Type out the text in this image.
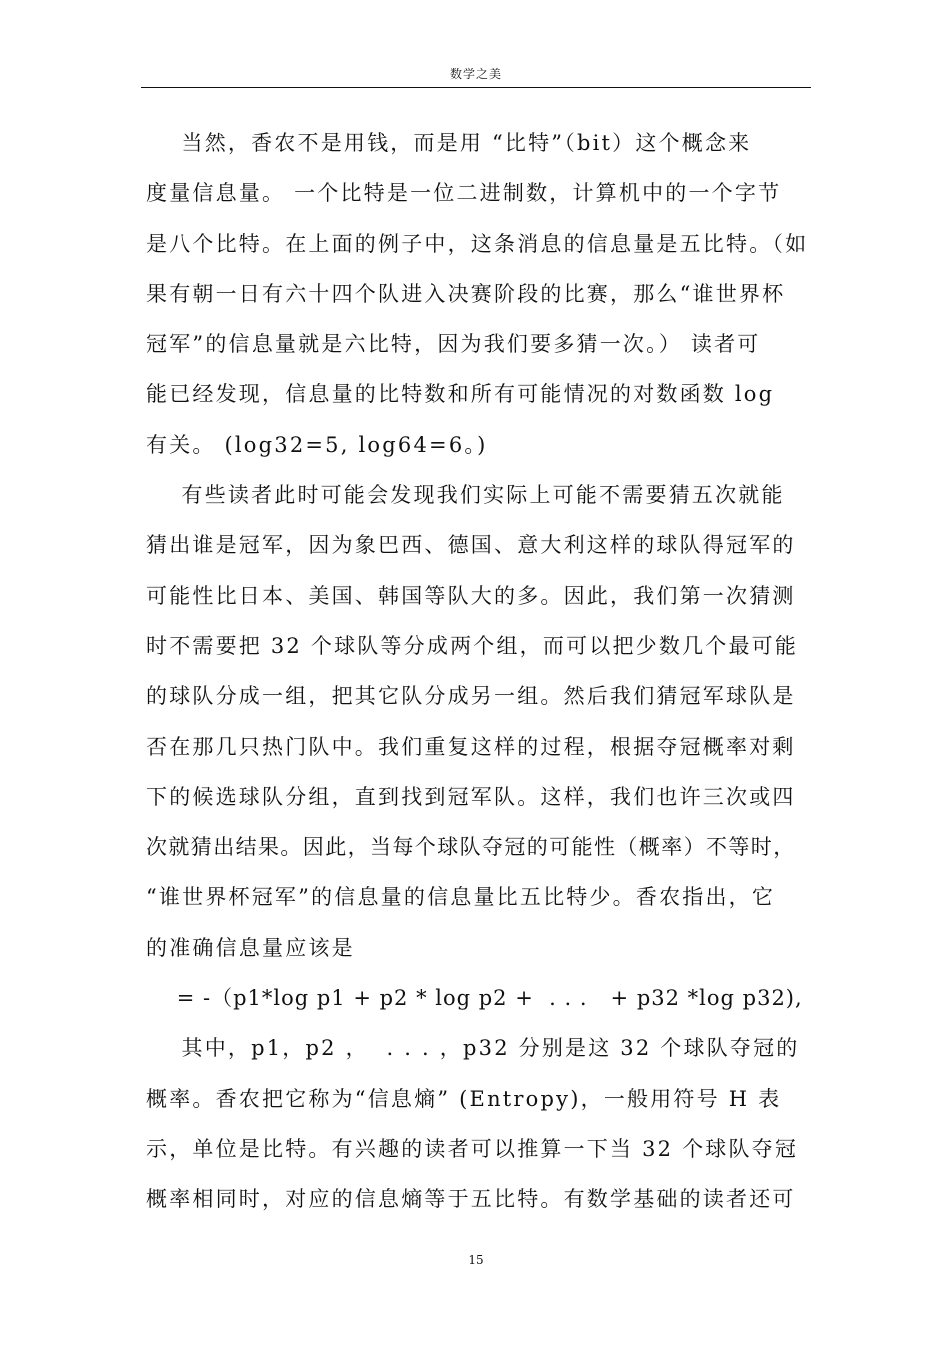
数学之美
当然，香农不是用钱，而是用 “比特”（bit）这个概念来
度量信息量。 一个比特是一位二进制数，计算机中的一个字节
是八个比特。在上面的例子中，这条消息的信息量是五比特。（如
果有朝一日有六十四个队进入决赛阶段的比赛，那么“谁世界杯
冠军”的信息量就是六比特，因为我们要多猜一次。） 读者可
能已经发现，信息量的比特数和所有可能情况的对数函数 log
有关。 (log32=5, log64=6。)
有些读者此时可能会发现我们实际上可能不需要猜五次就能
猜出谁是冠军，因为象巴西、德国、意大利这样的球队得冠军的
可能性比日本、美国、韩国等队大的多。因此，我们第一次猜测
时不需要把 32 个球队等分成两个组，而可以把少数几个最可能
的球队分成一组，把其它队分成另一组。然后我们猜冠军球队是
否在那几只热门队中。我们重复这样的过程，根据夺冠概率对剩
下的候选球队分组，直到找到冠军队。这样，我们也许三次或四
次就猜出结果。因此，当每个球队夺冠的可能性（概率）不等时，
“谁世界杯冠军”的信息量的信息量比五比特少。香农指出，它
的准确信息量应该是
= -（p1*log p1 + p2 * log p2 +  . . .   + p32 *log p32),
其中，p1，p2 ，  . . . ，p32 分别是这 32 个球队夺冠的
概率。香农把它称为“信息熵” (Entropy)，一般用符号 H 表
示，单位是比特。有兴趣的读者可以推算一下当 32 个球队夺冠
概率相同时，对应的信息熵等于五比特。有数学基础的读者还可
15
